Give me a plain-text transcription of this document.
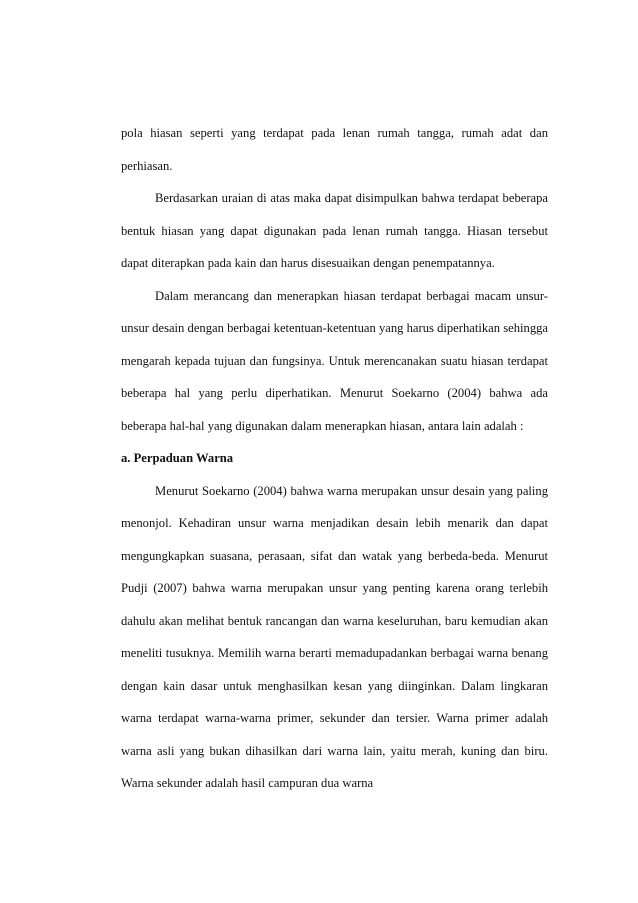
pola hiasan seperti yang terdapat pada lenan rumah tangga, rumah adat dan perhiasan.

Berdasarkan uraian di atas maka dapat disimpulkan bahwa terdapat beberapa bentuk hiasan yang dapat digunakan pada lenan rumah tangga. Hiasan tersebut dapat diterapkan pada kain dan harus disesuaikan dengan penempatannya.

Dalam merancang dan menerapkan hiasan terdapat berbagai macam unsur-unsur desain dengan berbagai ketentuan-ketentuan yang harus diperhatikan sehingga mengarah kepada tujuan dan fungsinya. Untuk merencanakan suatu hiasan terdapat beberapa hal yang perlu diperhatikan. Menurut Soekarno (2004) bahwa ada beberapa hal-hal yang digunakan dalam menerapkan hiasan, antara lain adalah :

a. Perpaduan Warna

Menurut Soekarno (2004) bahwa warna merupakan unsur desain yang paling menonjol. Kehadiran unsur warna menjadikan desain lebih menarik dan dapat mengungkapkan suasana, perasaan, sifat dan watak yang berbeda-beda. Menurut Pudji (2007) bahwa warna merupakan unsur yang penting karena orang terlebih dahulu akan melihat bentuk rancangan dan warna keseluruhan, baru kemudian akan meneliti tusuknya. Memilih warna berarti memadupadankan berbagai warna benang dengan kain dasar untuk menghasilkan kesan yang diinginkan. Dalam lingkaran warna terdapat warna-warna primer, sekunder dan tersier. Warna primer adalah warna asli yang bukan dihasilkan dari warna lain, yaitu merah, kuning dan biru. Warna sekunder adalah hasil campuran dua warna
